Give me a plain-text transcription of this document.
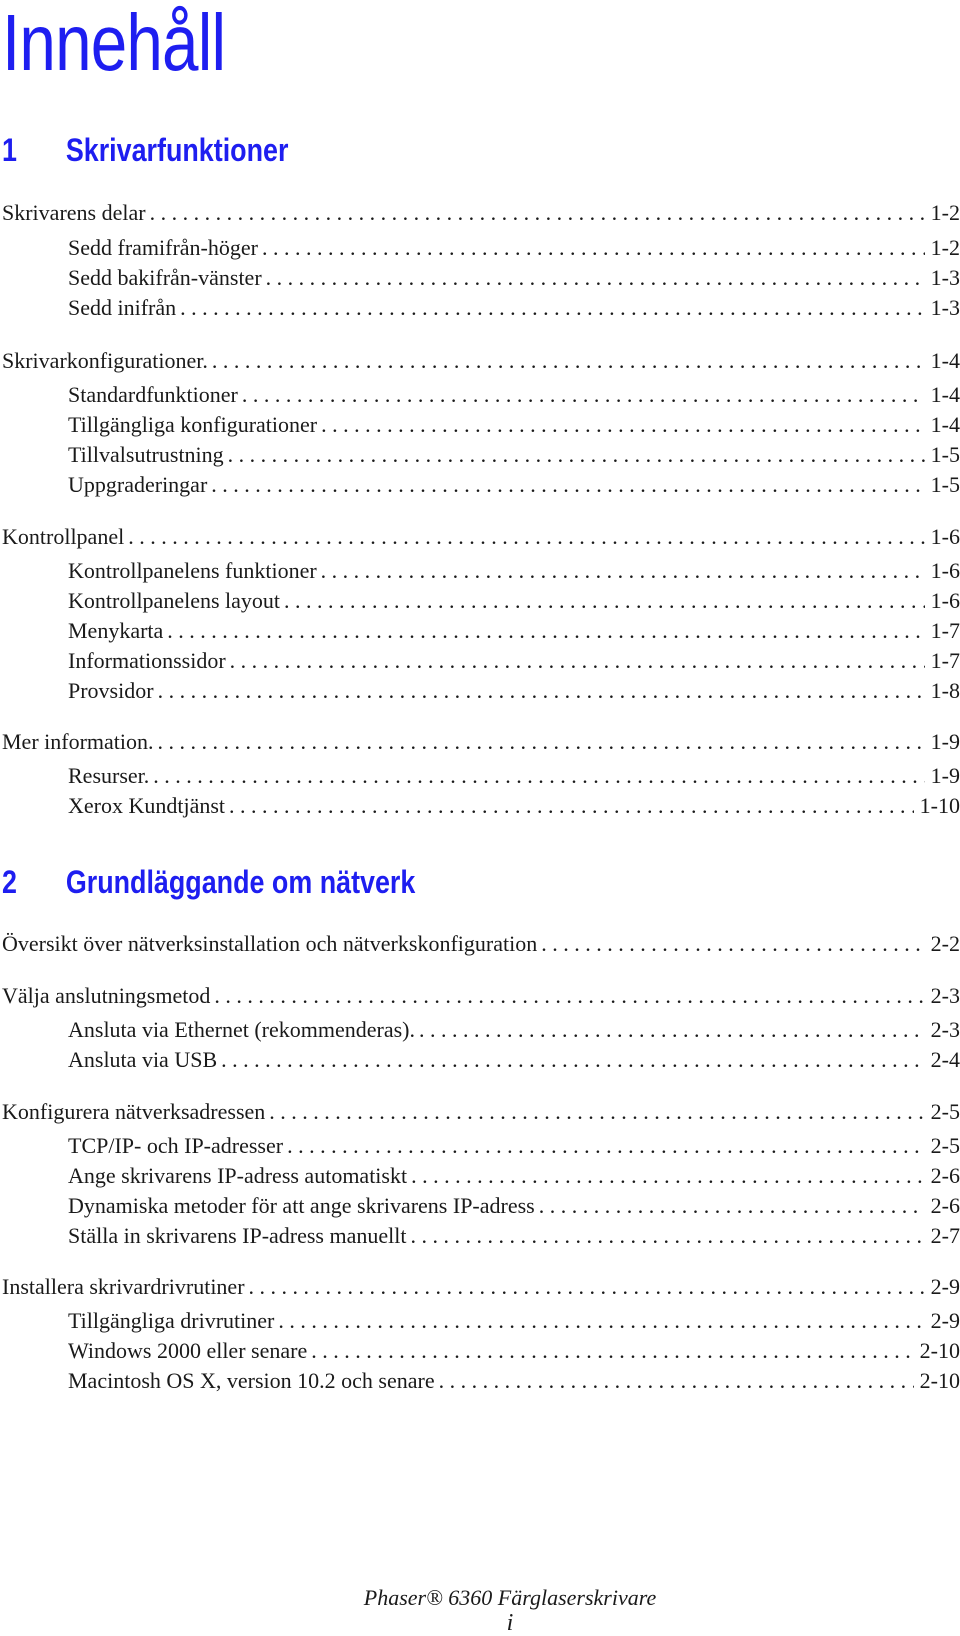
Innehåll
1 Skrivarfunktioner
Skrivarens delar . . .	1-2
Sedd framifrån-höger . . .	1-2
Sedd bakifrån-vänster . . .	1-3
Sedd inifrån . . .	1-3
Skrivarkonfigurationer. . . .	1-4
Standardfunktioner . . .	1-4
Tillgängliga konfigurationer . . .	1-4
Tillvalsutrustning . . .	1-5
Uppgraderingar . . .	1-5
Kontrollpanel . . .	1-6
Kontrollpanelens funktioner . . .	1-6
Kontrollpanelens layout . . .	1-6
Menykarta . . .	1-7
Informationssidor . . .	1-7
Provsidor . . .	1-8
Mer information. . . .	1-9
Resurser. . . .	1-9
Xerox Kundtjänst . . .	1-10
2 Grundläggande om nätverk
Översikt över nätverksinstallation och nätverkskonfiguration . . .	2-2
Välja anslutningsmetod . . .	2-3
Ansluta via Ethernet (rekommenderas). . . .	2-3
Ansluta via USB . . .	2-4
Konfigurera nätverksadressen . . .	2-5
TCP/IP- och IP-adresser . . .	2-5
Ange skrivarens IP-adress automatiskt . . .	2-6
Dynamiska metoder för att ange skrivarens IP-adress . . .	2-6
Ställa in skrivarens IP-adress manuellt . . .	2-7
Installera skrivardrivrutiner . . .	2-9
Tillgängliga drivrutiner . . .	2-9
Windows 2000 eller senare . . .	2-10
Macintosh OS X, version 10.2 och senare . . .	2-10
Phaser® 6360 Färglaserskrivare
i
